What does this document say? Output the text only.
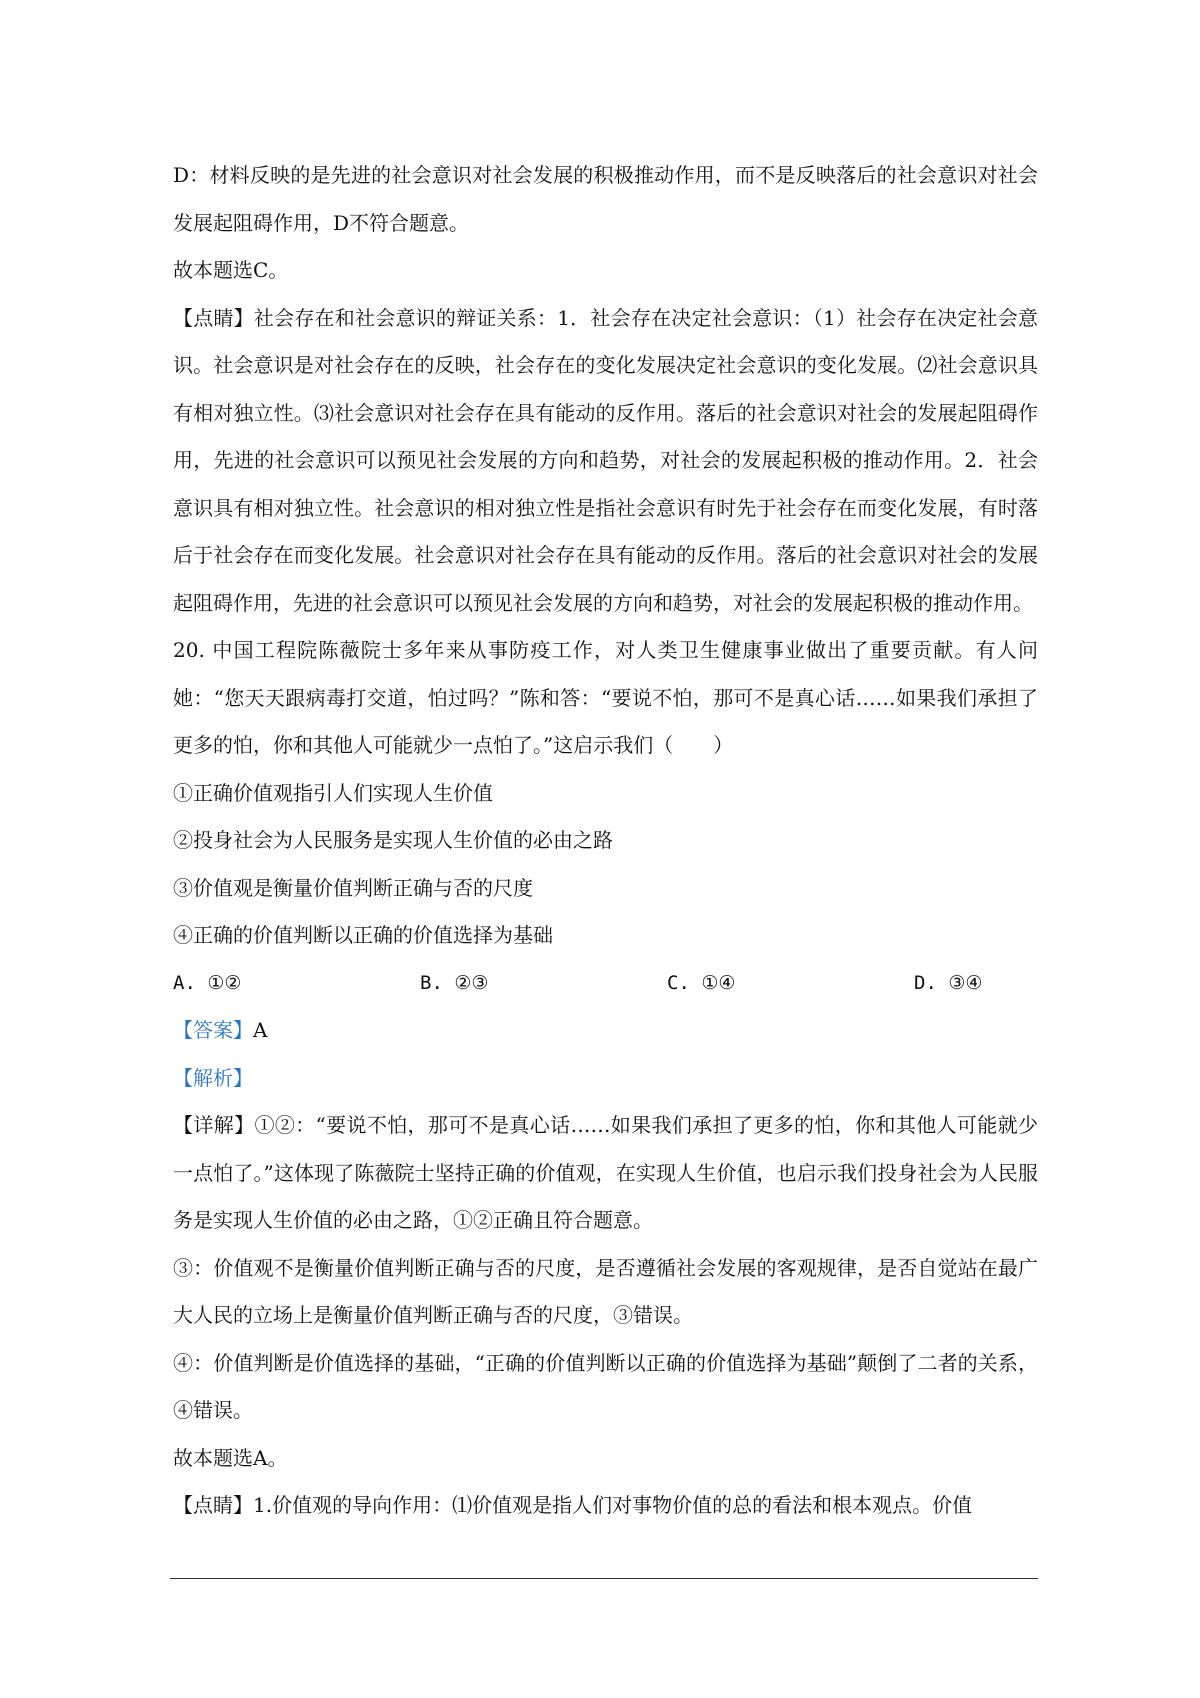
D：材料反映的是先进的社会意识对社会发展的积极推动作用，而不是反映落后的社会意识对社会发展起阻碍作用，D不符合题意。

故本题选C。

【点睛】社会存在和社会意识的辩证关系：1．社会存在决定社会意识：（1）社会存在决定社会意识。社会意识是对社会存在的反映，社会存在的变化发展决定社会意识的变化发展。⑵社会意识具有相对独立性。⑶社会意识对社会存在具有能动的反作用。落后的社会意识对社会的发展起阻碍作用，先进的社会意识可以预见社会发展的方向和趋势，对社会的发展起积极的推动作用。2．社会意识具有相对独立性。社会意识的相对独立性是指社会意识有时先于社会存在而变化发展，有时落后于社会存在而变化发展。社会意识对社会存在具有能动的反作用。落后的社会意识对社会的发展起阻碍作用，先进的社会意识可以预见社会发展的方向和趋势，对社会的发展起积极的推动作用。

20. 中国工程院陈薇院士多年来从事防疫工作，对人类卫生健康事业做出了重要贡献。有人问她：“您天天跟病毒打交道，怕过吗？”陈和答：“要说不怕，那可不是真心话……如果我们承担了更多的怕，你和其他人可能就少一点怕了。”这启示我们（　　）

①正确价值观指引人们实现人生价值

②投身社会为人民服务是实现人生价值的必由之路

③价值观是衡量价值判断正确与否的尺度

④正确的价值判断以正确的价值选择为基础

A. ①②	B. ②③	C. ①④	D. ③④

【答案】A

【解析】

【详解】①②：“要说不怕，那可不是真心话……如果我们承担了更多的怕，你和其他人可能就少一点怕了。”这体现了陈薇院士坚持正确的价值观，在实现人生价值，也启示我们投身社会为人民服务是实现人生价值的必由之路，①②正确且符合题意。

③：价值观不是衡量价值判断正确与否的尺度，是否遵循社会发展的客观规律，是否自觉站在最广大人民的立场上是衡量价值判断正确与否的尺度，③错误。

④：价值判断是价值选择的基础，“正确的价值判断以正确的价值选择为基础”颠倒了二者的关系，④错误。

故本题选A。

【点睛】1.价值观的导向作用：⑴价值观是指人们对事物价值的总的看法和根本观点。价值
